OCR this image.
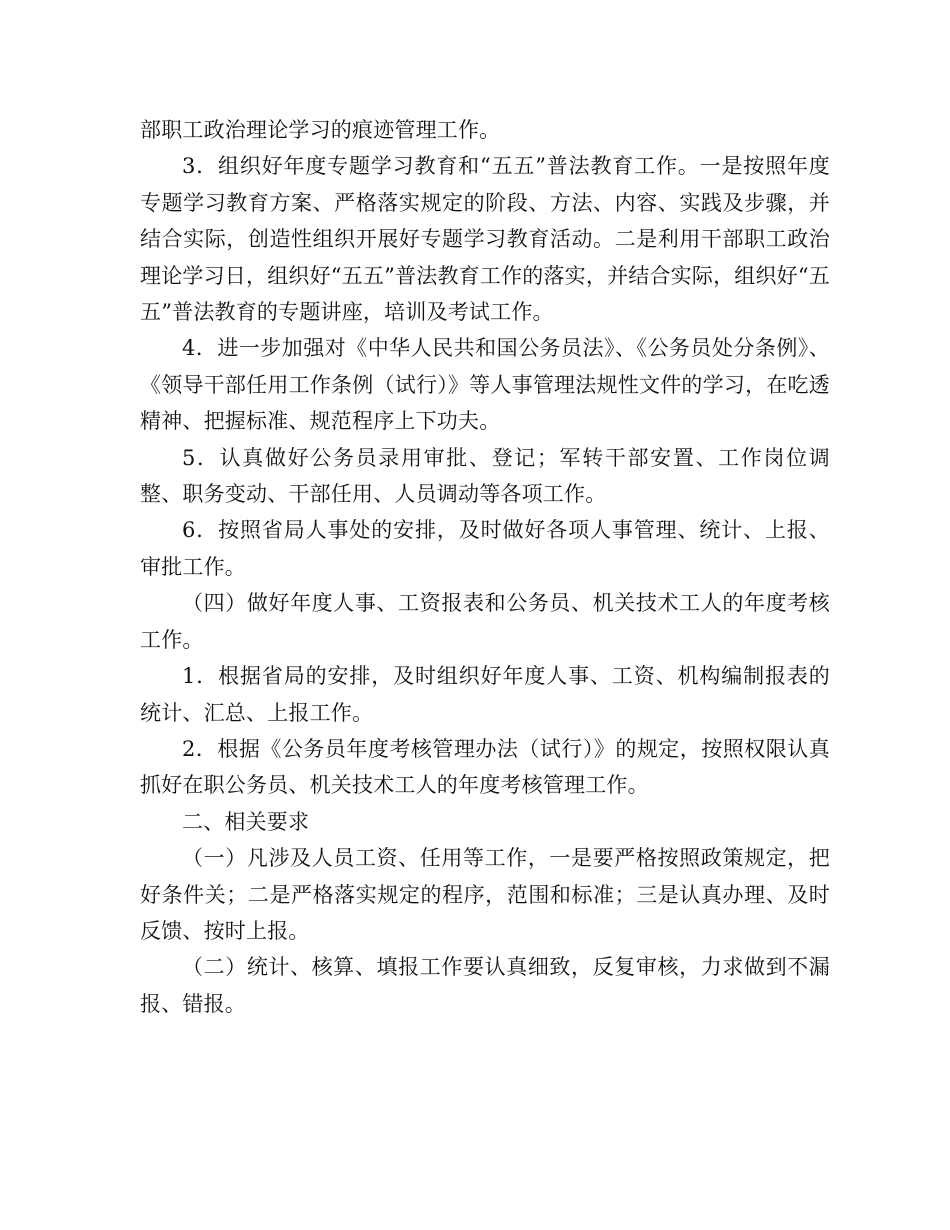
部职工政治理论学习的痕迹管理工作。

3．组织好年度专题学习教育和“五五”普法教育工作。一是按照年度专题学习教育方案、严格落实规定的阶段、方法、内容、实践及步骤，并结合实际，创造性组织开展好专题学习教育活动。二是利用干部职工政治理论学习日，组织好“五五”普法教育工作的落实，并结合实际，组织好“五五”普法教育的专题讲座，培训及考试工作。

4．进一步加强对《中华人民共和国公务员法》、《公务员处分条例》、《领导干部任用工作条例（试行）》等人事管理法规性文件的学习，在吃透精神、把握标准、规范程序上下功夫。

5．认真做好公务员录用审批、登记；军转干部安置、工作岗位调整、职务变动、干部任用、人员调动等各项工作。

6．按照省局人事处的安排，及时做好各项人事管理、统计、上报、审批工作。

（四）做好年度人事、工资报表和公务员、机关技术工人的年度考核工作。

1．根据省局的安排，及时组织好年度人事、工资、机构编制报表的统计、汇总、上报工作。

2．根据《公务员年度考核管理办法（试行）》的规定，按照权限认真抓好在职公务员、机关技术工人的年度考核管理工作。

二、相关要求

（一）凡涉及人员工资、任用等工作，一是要严格按照政策规定，把好条件关；二是严格落实规定的程序，范围和标准；三是认真办理、及时反馈、按时上报。

（二）统计、核算、填报工作要认真细致，反复审核，力求做到不漏报、错报。
